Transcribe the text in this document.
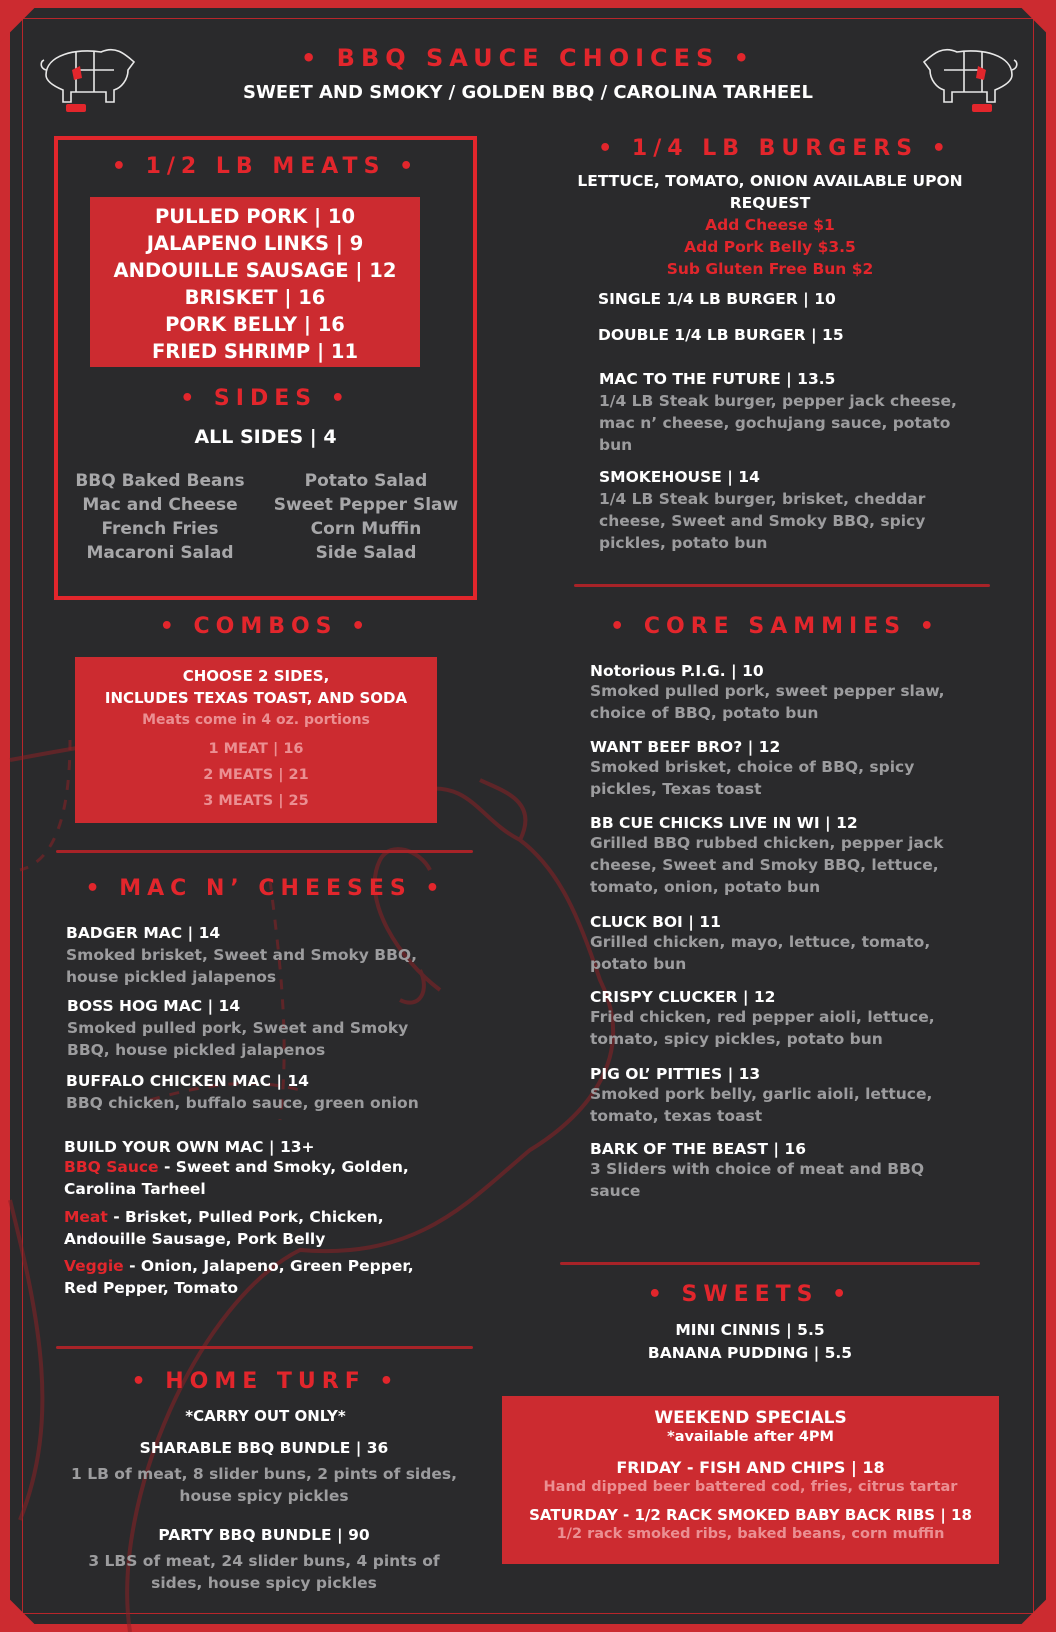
• BBQ SAUCE CHOICES •
SWEET AND SMOKY / GOLDEN BBQ / CAROLINA TARHEEL
• 1/2 LB MEATS •
PULLED PORK | 10
JALAPENO LINKS | 9
ANDOUILLE SAUSAGE | 12
BRISKET | 16
PORK BELLY | 16
FRIED SHRIMP | 11
• SIDES •
ALL SIDES | 4
BBQ Baked Beans
Mac and Cheese
French Fries
Macaroni Salad
Potato Salad
Sweet Pepper Slaw
Corn Muffin
Side Salad
• COMBOS •
CHOOSE 2 SIDES,
INCLUDES TEXAS TOAST, AND SODA
Meats come in 4 oz. portions
1 MEAT | 16
2 MEATS | 21
3 MEATS | 25
• MAC N’ CHEESES •
BADGER MAC | 14
Smoked brisket, Sweet and Smoky BBQ, house pickled jalapenos
BOSS HOG MAC | 14
Smoked pulled pork, Sweet and Smoky BBQ, house pickled jalapenos
BUFFALO CHICKEN MAC | 14
BBQ chicken, buffalo sauce, green onion
BUILD YOUR OWN MAC | 13+
BBQ Sauce - Sweet and Smoky, Golden, Carolina Tarheel
Meat - Brisket, Pulled Pork, Chicken, Andouille Sausage, Pork Belly
Veggie - Onion, Jalapeno, Green Pepper, Red Pepper, Tomato
• HOME TURF •
*CARRY OUT ONLY*
SHARABLE BBQ BUNDLE | 36
1 LB of meat, 8 slider buns, 2 pints of sides, house spicy pickles
PARTY BBQ BUNDLE | 90
3 LBS of meat, 24 slider buns, 4 pints of sides, house spicy pickles
• 1/4 LB BURGERS •
LETTUCE, TOMATO, ONION AVAILABLE UPON REQUEST
Add Cheese $1
Add Pork Belly $3.5
Sub Gluten Free Bun $2
SINGLE 1/4 LB BURGER | 10
DOUBLE 1/4 LB BURGER | 15
MAC TO THE FUTURE | 13.5
1/4 LB Steak burger, pepper jack cheese, mac n’ cheese, gochujang sauce, potato bun
SMOKEHOUSE | 14
1/4 LB Steak burger, brisket, cheddar cheese, Sweet and Smoky BBQ, spicy pickles, potato bun
• CORE SAMMIES •
Notorious P.I.G. | 10
Smoked pulled pork, sweet pepper slaw, choice of BBQ, potato bun
WANT BEEF BRO? | 12
Smoked brisket, choice of BBQ, spicy pickles, Texas toast
BB CUE CHICKS LIVE IN WI | 12
Grilled BBQ rubbed chicken, pepper jack cheese, Sweet and Smoky BBQ, lettuce, tomato, onion, potato bun
CLUCK BOI | 11
Grilled chicken, mayo, lettuce, tomato, potato bun
CRISPY CLUCKER | 12
Fried chicken, red pepper aioli, lettuce, tomato, spicy pickles, potato bun
PIG OL’ PITTIES | 13
Smoked pork belly, garlic aioli, lettuce, tomato, texas toast
BARK OF THE BEAST | 16
3 Sliders with choice of meat and BBQ sauce
• SWEETS •
MINI CINNIS | 5.5
BANANA PUDDING | 5.5
WEEKEND SPECIALS
*available after 4PM
FRIDAY - FISH AND CHIPS | 18
Hand dipped beer battered cod, fries, citrus tartar
SATURDAY - 1/2 RACK SMOKED BABY BACK RIBS | 18
1/2 rack smoked ribs, baked beans, corn muffin
